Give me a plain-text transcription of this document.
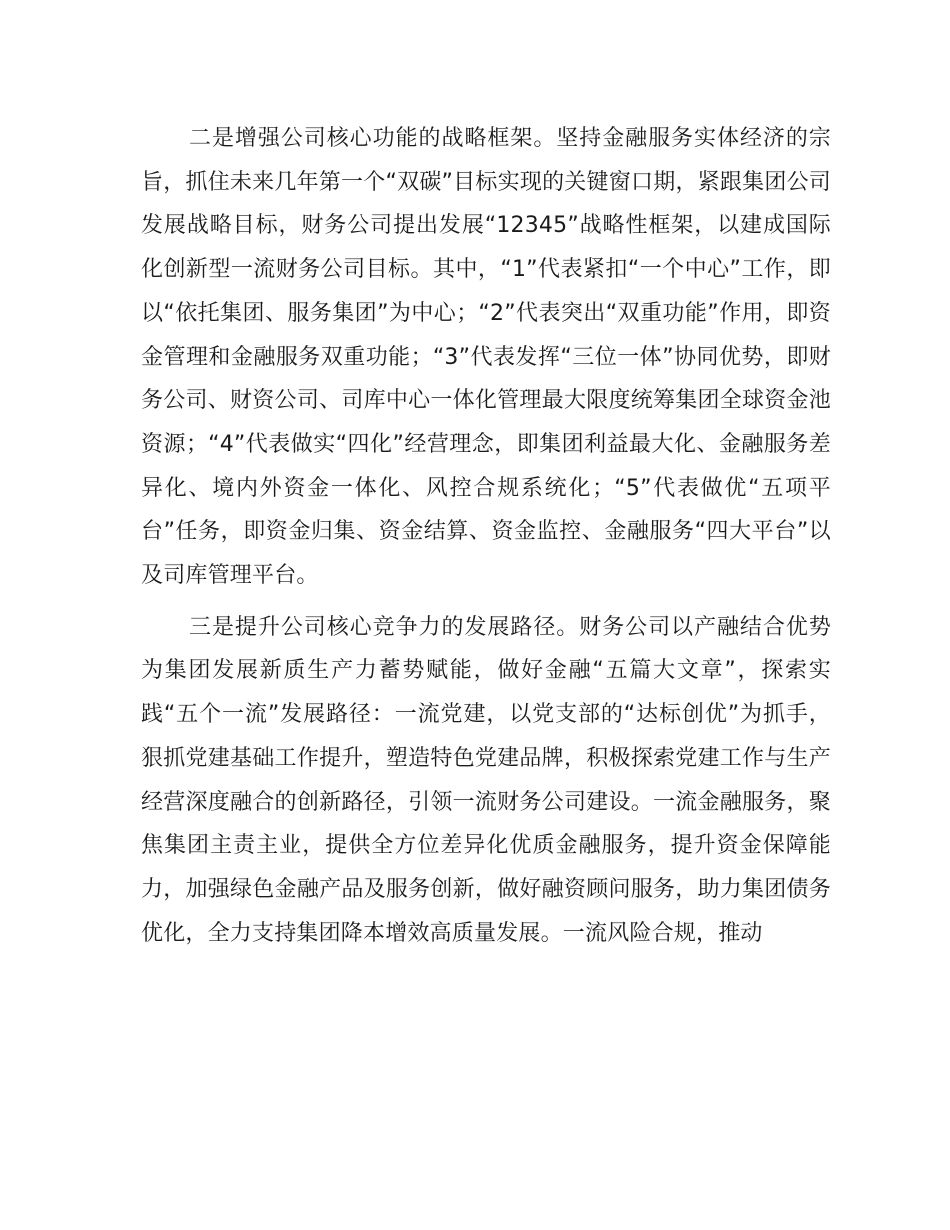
二是增强公司核心功能的战略框架。坚持金融服务实体经济的宗旨，抓住未来几年第一个“双碳”目标实现的关键窗口期，紧跟集团公司发展战略目标，财务公司提出发展“12345”战略性框架，以建成国际化创新型一流财务公司目标。其中，“1”代表紧扣“一个中心”工作，即以“依托集团、服务集团”为中心；“2”代表突出“双重功能”作用，即资金管理和金融服务双重功能；“3”代表发挥“三位一体”协同优势，即财务公司、财资公司、司库中心一体化管理最大限度统筹集团全球资金池资源；“4”代表做实“四化”经营理念，即集团利益最大化、金融服务差异化、境内外资金一体化、风控合规系统化；“5”代表做优“五项平台”任务，即资金归集、资金结算、资金监控、金融服务“四大平台”以及司库管理平台。

三是提升公司核心竞争力的发展路径。财务公司以产融结合优势为集团发展新质生产力蓄势赋能，做好金融“五篇大文章”，探索实践“五个一流”发展路径：一流党建，以党支部的“达标创优”为抓手，狠抓党建基础工作提升，塑造特色党建品牌，积极探索党建工作与生产经营深度融合的创新路径，引领一流财务公司建设。一流金融服务，聚焦集团主责主业，提供全方位差异化优质金融服务，提升资金保障能力，加强绿色金融产品及服务创新，做好融资顾问服务，助力集团债务优化，全力支持集团降本增效高质量发展。一流风险合规，推动
